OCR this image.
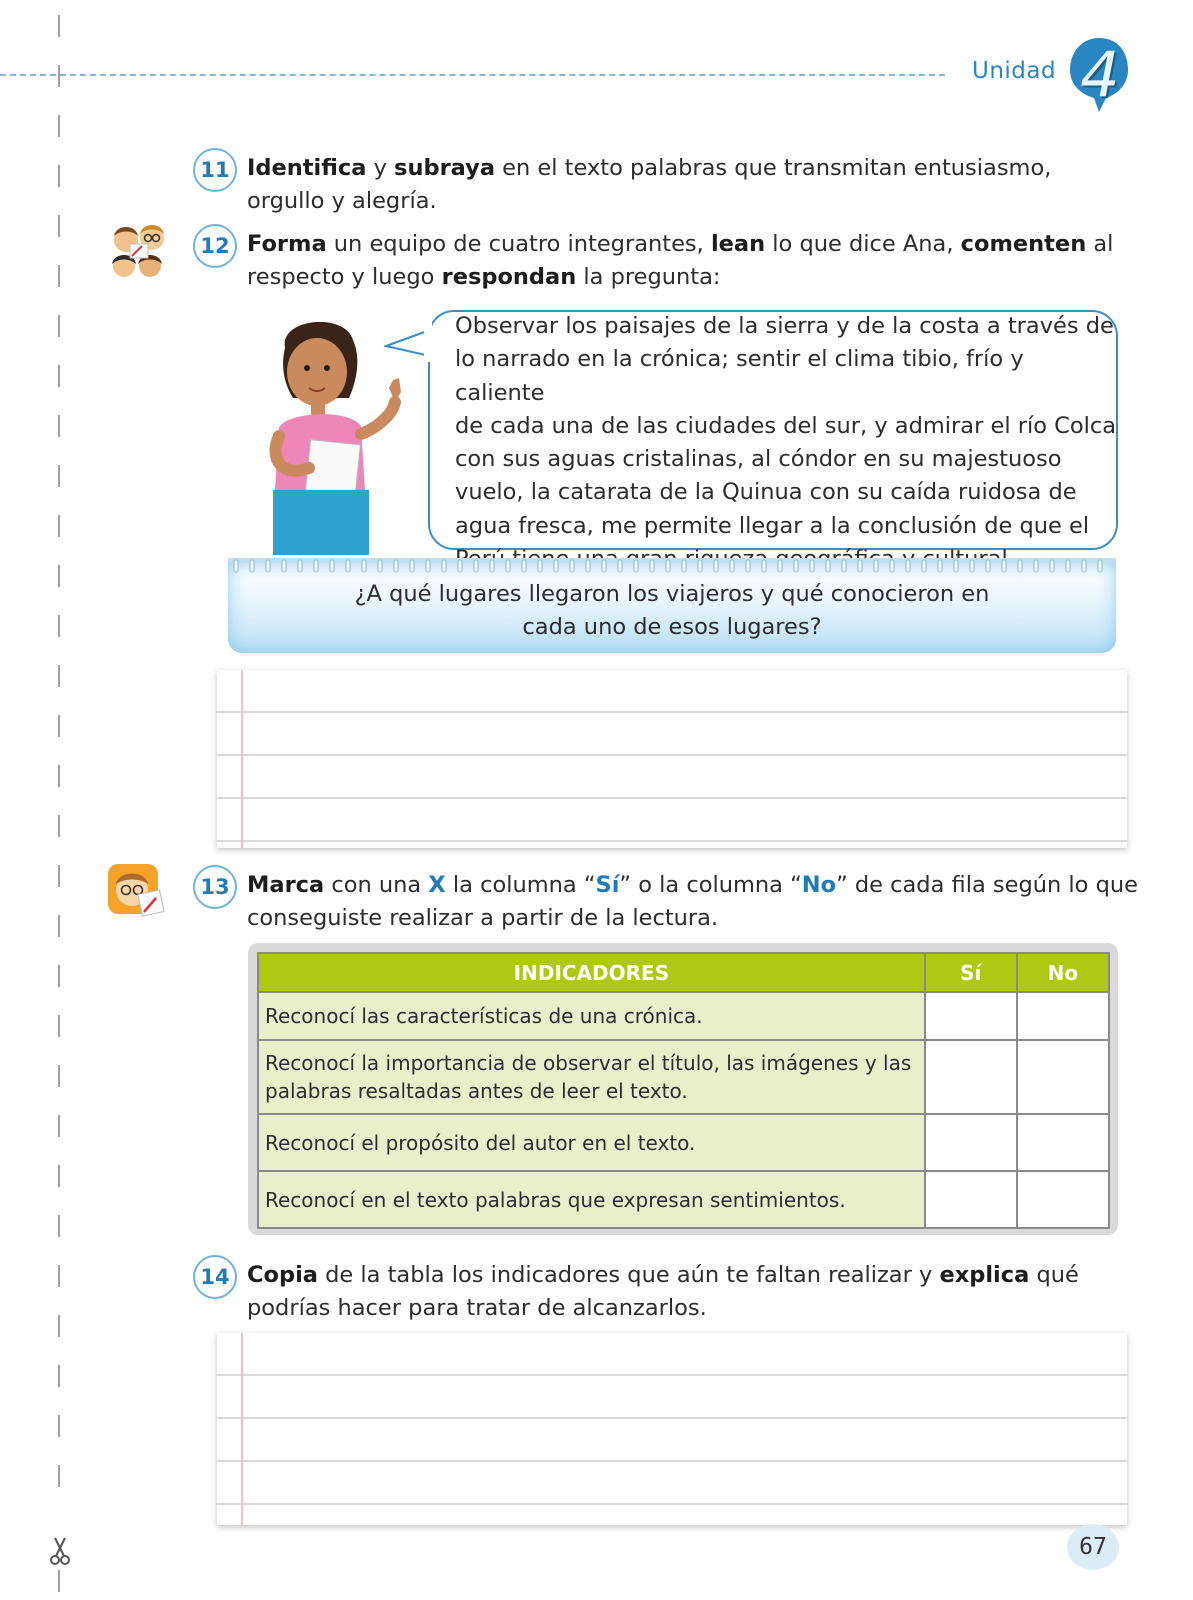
Unidad 4
11 Identifica y subraya en el texto palabras que transmitan entusiasmo, orgullo y alegría.
12 Forma un equipo de cuatro integrantes, lean lo que dice Ana, comenten al respecto y luego respondan la pregunta:
Observar los paisajes de la sierra y de la costa a través de
lo narrado en la crónica; sentir el clima tibio, frío y caliente
de cada una de las ciudades del sur, y admirar el río Colca
con sus aguas cristalinas, al cóndor en su majestuoso
vuelo, la catarata de la Quinua con su caída ruidosa de
agua fresca, me permite llegar a la conclusión de que el
¿A qué lugares llegaron los viajeros y qué conocieron en
cada uno de esos lugares?
13 Marca con una X la columna “Sí” o la columna “No” de cada fila según lo que conseguiste realizar a partir de la lectura.
INDICADORES	Sí	No
Reconocí las características de una crónica.		
Reconocí la importancia de observar el título, las imágenes y las palabras resaltadas antes de leer el texto.		
Reconocí el propósito del autor en el texto.		
Reconocí en el texto palabras que expresan sentimientos.		
14 Copia de la tabla los indicadores que aún te faltan realizar y explica qué podrías hacer para tratar de alcanzarlos.
67
